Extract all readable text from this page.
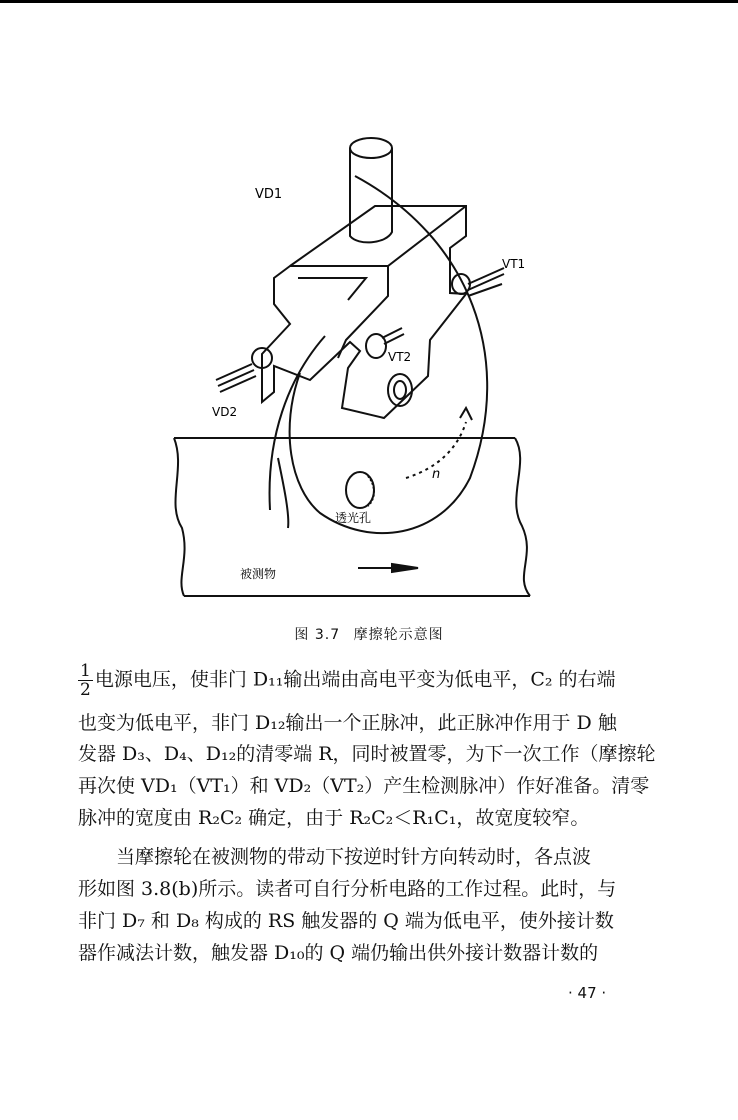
VD1
VT1
VT2
VD2
n
透光孔
被测物
图 3.7 摩擦轮示意图
$\frac{1}{2}$ 电源电压，使非门 D₁₁输出端由高电平变为低电平，C₂ 的右端
也变为低电平，非门 D₁₂输出一个正脉冲，此正脉冲作用于 D 触
发器 D₃、D₄、D₁₂的清零端 R，同时被置零，为下一次工作（摩擦轮
再次使 VD₁（VT₁）和 VD₂（VT₂）产生检测脉冲）作好准备。清零
脉冲的宽度由 R₂C₂ 确定，由于 R₂C₂＜R₁C₁，故宽度较窄。
　　当摩擦轮在被测物的带动下按逆时针方向转动时，各点波
形如图 3.8(b)所示。读者可自行分析电路的工作过程。此时，与
非门 D₇ 和 D₈ 构成的 RS 触发器的 Q 端为低电平，使外接计数
器作减法计数，触发器 D₁₀的 Q 端仍输出供外接计数器计数的
· 47 ·
